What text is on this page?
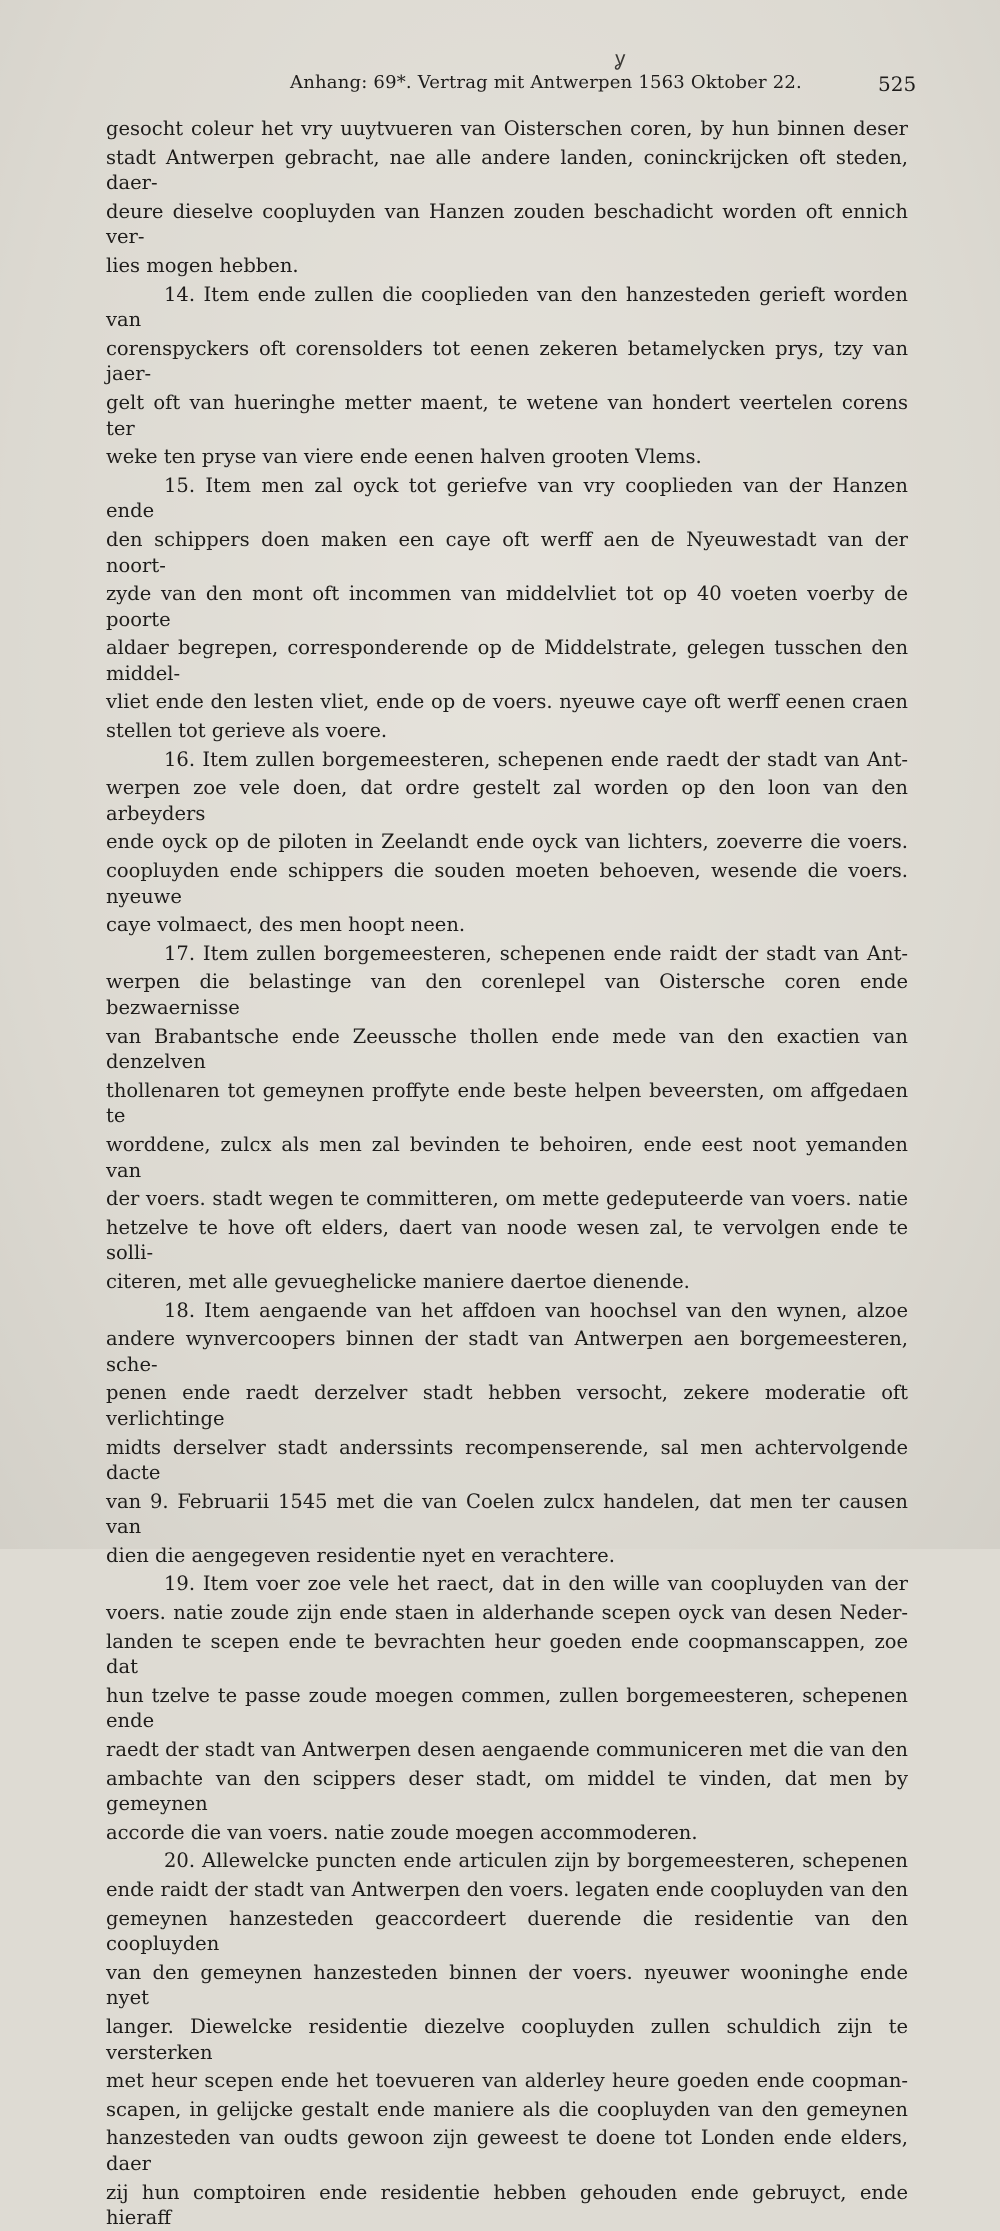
ỿ
Anhang: 69*. Vertrag mit Antwerpen 1563 Oktober 22.	525

gesocht coleur het vry uuytvueren van Oisterschen coren, by hun binnen deser
stadt Antwerpen gebracht, nae alle andere landen, coninckrijcken oft steden, daer-
deure dieselve coopluyden van Hanzen zouden beschadicht worden oft ennich ver-
lies mogen hebben.

14. Item ende zullen die cooplieden van den hanzesteden gerieft worden van
corenspyckers oft corensolders tot eenen zekeren betamelycken prys, tzy van jaer-
gelt oft van hueringhe metter maent, te wetene van hondert veertelen corens ter
weke ten pryse van viere ende eenen halven grooten Vlems.

15. Item men zal oyck tot geriefve van vry cooplieden van der Hanzen ende
den schippers doen maken een caye oft werff aen de Nyeuwestadt van der noort-
zyde van den mont oft incommen van middelvliet tot op 40 voeten voerby de poorte
aldaer begrepen, corresponderende op de Middelstrate, gelegen tusschen den middel-
vliet ende den lesten vliet, ende op de voers. nyeuwe caye oft werff eenen craen
stellen tot gerieve als voere.

16. Item zullen borgemeesteren, schepenen ende raedt der stadt van Ant-
werpen zoe vele doen, dat ordre gestelt zal worden op den loon van den arbeyders
ende oyck op de piloten in Zeelandt ende oyck van lichters, zoeverre die voers.
coopluyden ende schippers die souden moeten behoeven, wesende die voers. nyeuwe
caye volmaect, des men hoopt neen.

17. Item zullen borgemeesteren, schepenen ende raidt der stadt van Ant-
werpen die belastinge van den corenlepel van Oistersche coren ende bezwaernisse
van Brabantsche ende Zeeussche thollen ende mede van den exactien van denzelven
thollenaren tot gemeynen proffyte ende beste helpen beveersten, om affgedaen te
worddene, zulcx als men zal bevinden te behoiren, ende eest noot yemanden van
der voers. stadt wegen te committeren, om mette gedeputeerde van voers. natie
hetzelve te hove oft elders, daert van noode wesen zal, te vervolgen ende te solli-
citeren, met alle gevueghelicke maniere daertoe dienende.

18. Item aengaende van het affdoen van hoochsel van den wynen, alzoe
andere wynvercoopers binnen der stadt van Antwerpen aen borgemeesteren, sche-
penen ende raedt derzelver stadt hebben versocht, zekere moderatie oft verlichtinge
midts derselver stadt anderssints recompenserende, sal men achtervolgende dacte
van 9. Februarii 1545 met die van Coelen zulcx handelen, dat men ter causen van
dien die aengegeven residentie nyet en verachtere.

19. Item voer zoe vele het raect, dat in den wille van coopluyden van der
voers. natie zoude zijn ende staen in alderhande scepen oyck van desen Neder-
landen te scepen ende te bevrachten heur goeden ende coopmanscappen, zoe dat
hun tzelve te passe zoude moegen commen, zullen borgemeesteren, schepenen ende
raedt der stadt van Antwerpen desen aengaende communiceren met die van den
ambachte van den scippers deser stadt, om middel te vinden, dat men by gemeynen
accorde die van voers. natie zoude moegen accommoderen.

20. Allewelcke puncten ende articulen zijn by borgemeesteren, schepenen
ende raidt der stadt van Antwerpen den voers. legaten ende coopluyden van den
gemeynen hanzesteden geaccordeert duerende die residentie van den coopluyden
van den gemeynen hanzesteden binnen der voers. nyeuwer wooninghe ende nyet
langer. Diewelcke residentie diezelve coopluyden zullen schuldich zijn te versterken
met heur scepen ende het toevueren van alderley heure goeden ende coopman-
scapen, in gelijcke gestalt ende maniere als die coopluyden van den gemeynen
hanzesteden van oudts gewoon zijn geweest te doene tot Londen ende elders, daer
zij hun comptoiren ende residentie hebben gehouden ende gebruyct, ende hieraff
